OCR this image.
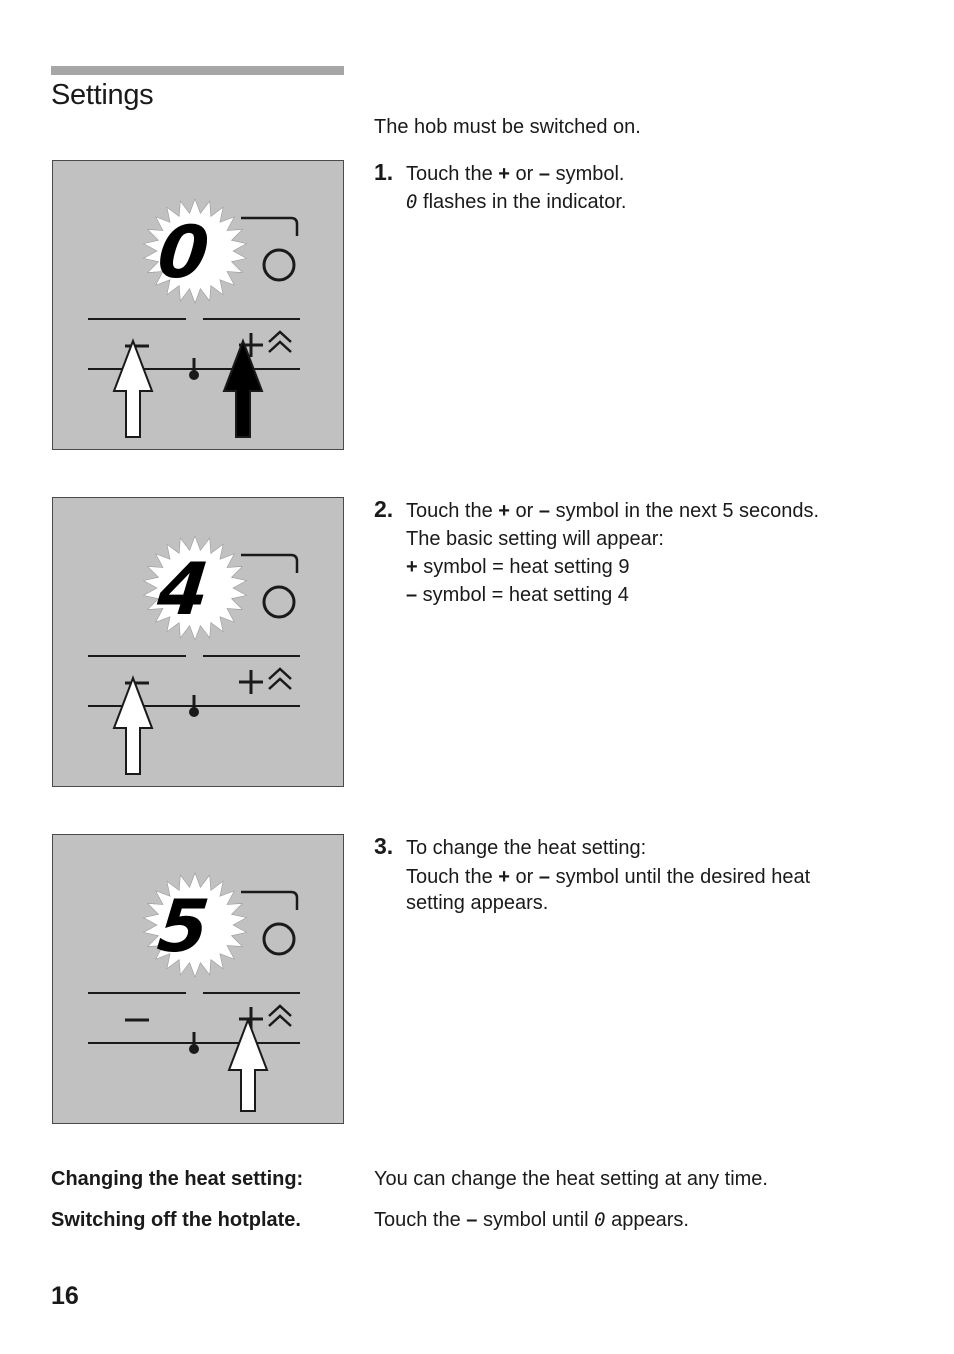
Settings

The hob must be switched on.

0
4
5
1. Touch the + or – symbol.
0 flashes in the indicator.
2. Touch the + or – symbol in the next 5 seconds.
The basic setting will appear:
+ symbol = heat setting 9
– symbol = heat setting 4
3. To change the heat setting:
Touch the + or – symbol until the desired heat setting appears.

Changing the heat setting:	You can change the heat setting at any time.

Switching off the hotplate.	Touch the – symbol until 0 appears.

16
